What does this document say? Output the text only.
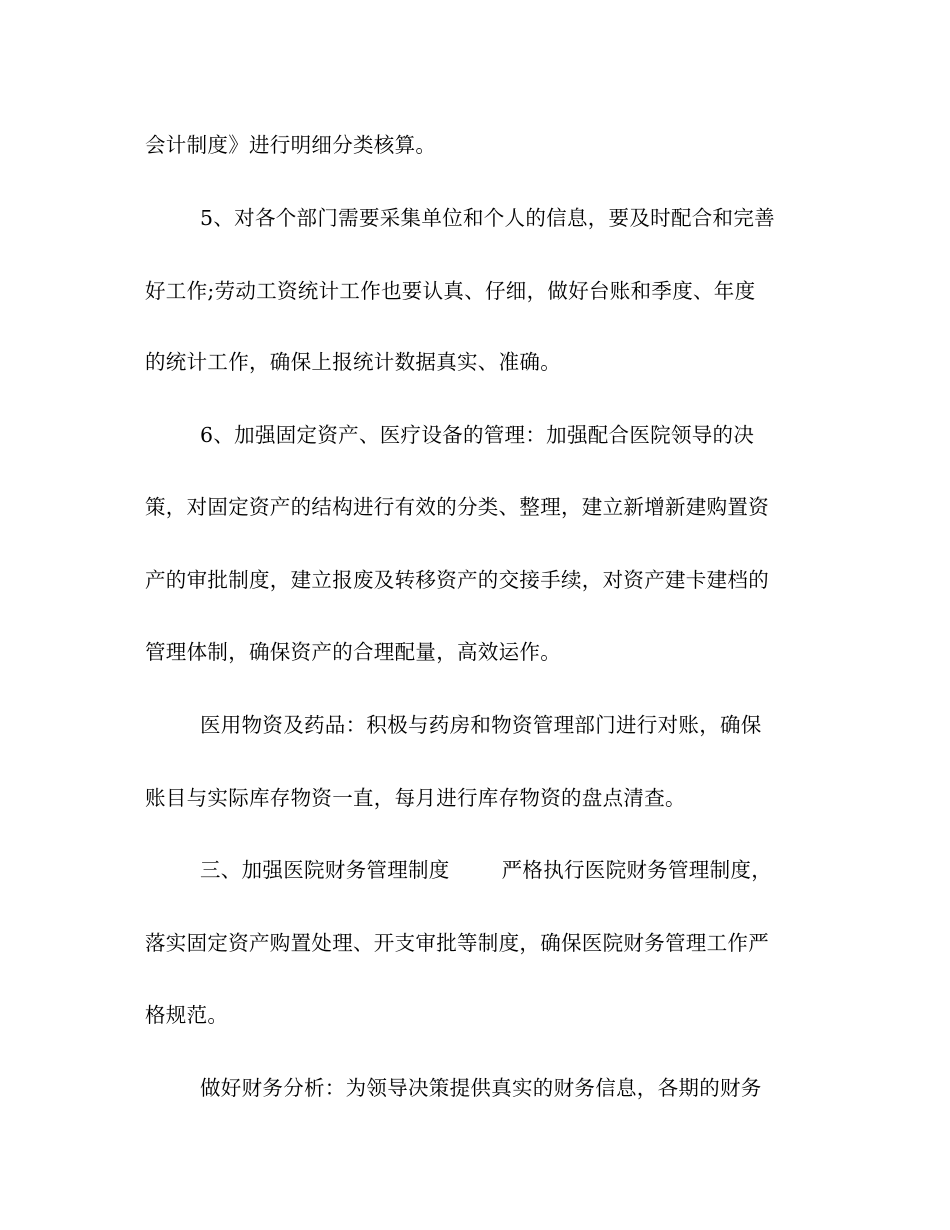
会计制度》进行明细分类核算。
5、对各个部门需要采集单位和个人的信息，要及时配合和完善
好工作;劳动工资统计工作也要认真、仔细，做好台账和季度、年度
的统计工作，确保上报统计数据真实、准确。
6、加强固定资产、医疗设备的管理：加强配合医院领导的决
策，对固定资产的结构进行有效的分类、整理，建立新增新建购置资
产的审批制度，建立报废及转移资产的交接手续，对资产建卡建档的
管理体制，确保资产的合理配量，高效运作。
医用物资及药品：积极与药房和物资管理部门进行对账，确保
账目与实际库存物资一直，每月进行库存物资的盘点清查。
三、加强医院财务管理制度	严格执行医院财务管理制度，
落实固定资产购置处理、开支审批等制度，确保医院财务管理工作严
格规范。
做好财务分析：为领导决策提供真实的财务信息，各期的财务
